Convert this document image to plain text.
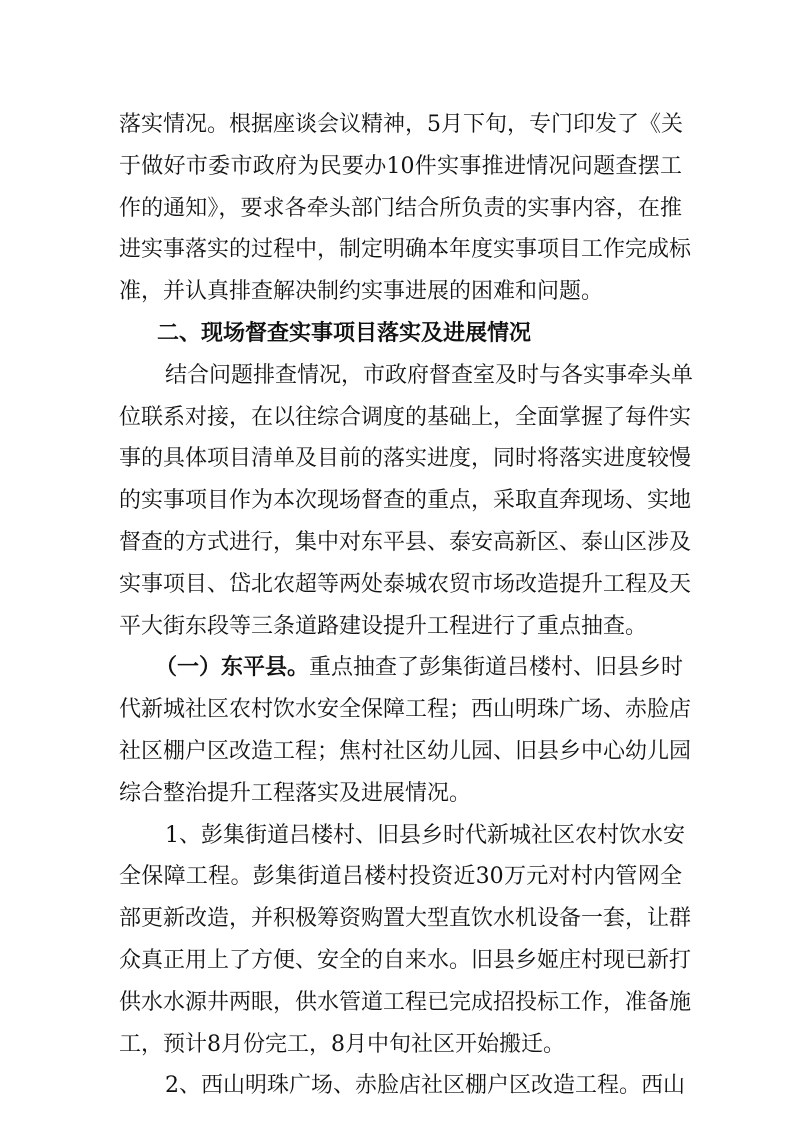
落实情况。根据座谈会议精神，5月下旬，专门印发了《关
于做好市委市政府为民要办10件实事推进情况问题查摆工
作的通知》，要求各牵头部门结合所负责的实事内容，在推
进实事落实的过程中，制定明确本年度实事项目工作完成标
准，并认真排查解决制约实事进展的困难和问题。
二、现场督查实事项目落实及进展情况
结合问题排查情况，市政府督查室及时与各实事牵头单
位联系对接，在以往综合调度的基础上，全面掌握了每件实
事的具体项目清单及目前的落实进度，同时将落实进度较慢
的实事项目作为本次现场督查的重点，采取直奔现场、实地
督查的方式进行，集中对东平县、泰安高新区、泰山区涉及
实事项目、岱北农超等两处泰城农贸市场改造提升工程及天
平大街东段等三条道路建设提升工程进行了重点抽查。
（一）东平县。重点抽查了彭集街道吕楼村、旧县乡时
代新城社区农村饮水安全保障工程；西山明珠广场、赤脸店
社区棚户区改造工程；焦村社区幼儿园、旧县乡中心幼儿园
综合整治提升工程落实及进展情况。
1、彭集街道吕楼村、旧县乡时代新城社区农村饮水安
全保障工程。彭集街道吕楼村投资近30万元对村内管网全
部更新改造，并积极筹资购置大型直饮水机设备一套，让群
众真正用上了方便、安全的自来水。旧县乡姬庄村现已新打
供水水源井两眼，供水管道工程已完成招投标工作，准备施
工，预计8月份完工，8月中旬社区开始搬迁。
2、西山明珠广场、赤脸店社区棚户区改造工程。西山
